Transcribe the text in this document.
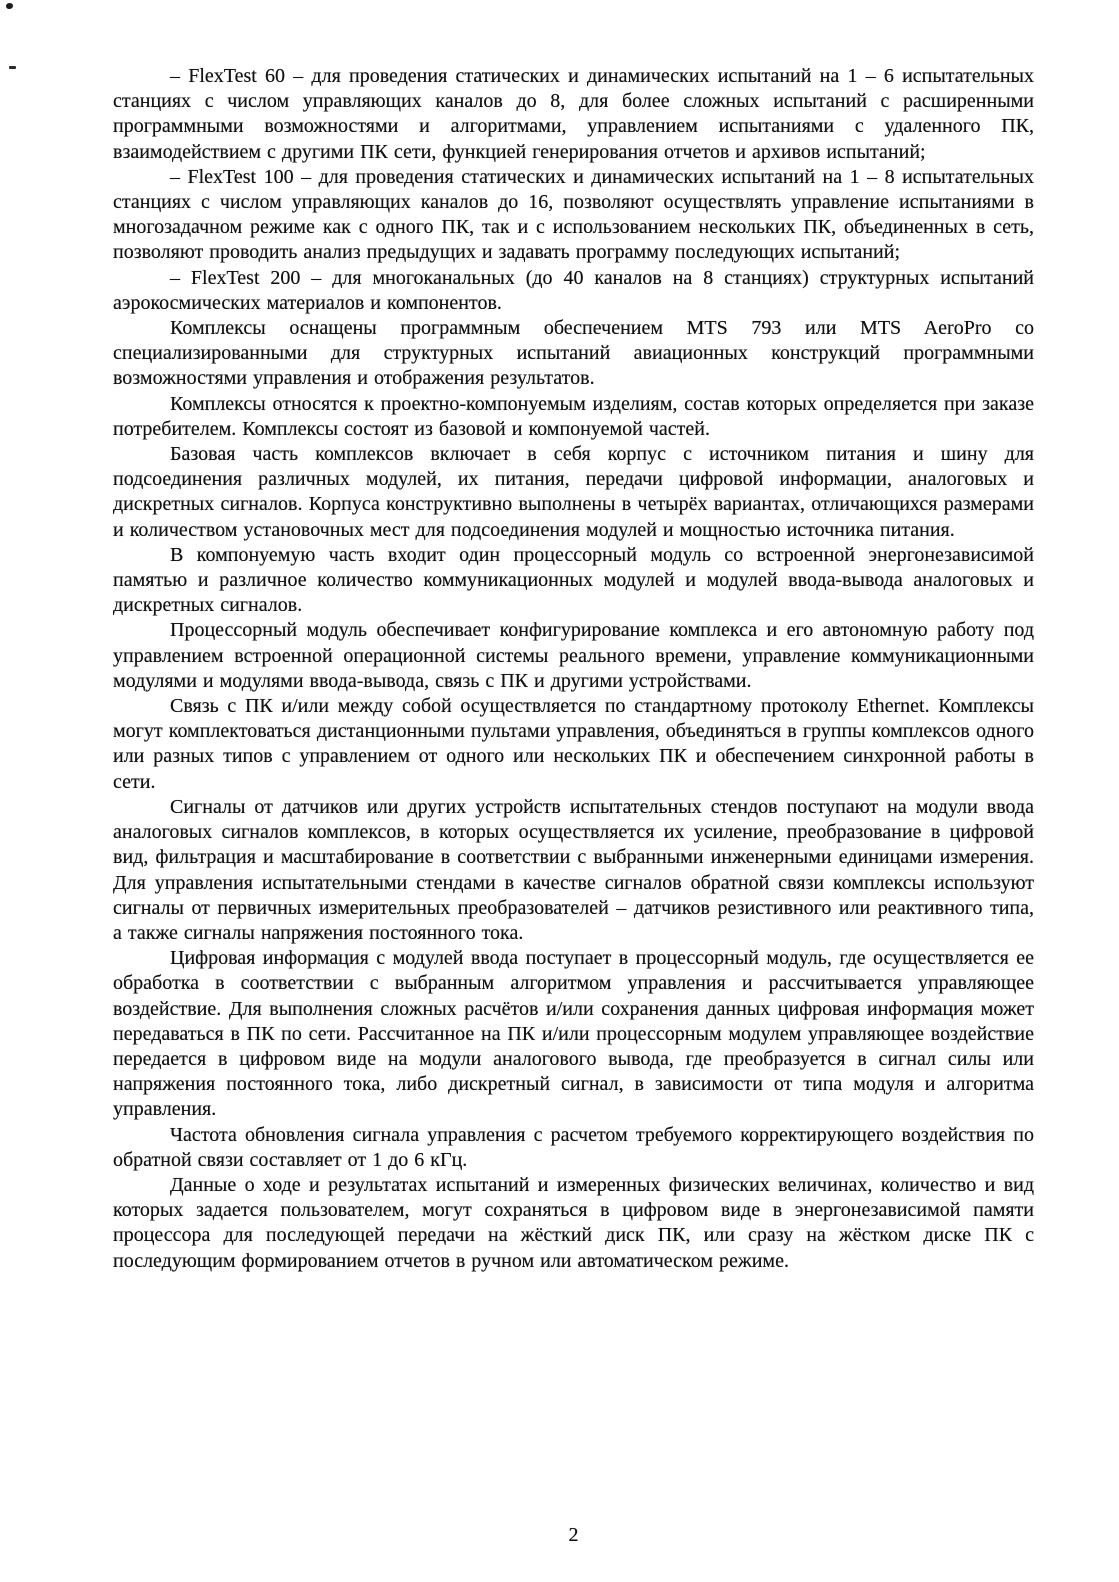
– FlexTest 60 – для проведения статических и динамических испытаний на 1 – 6 испытательных станциях с числом управляющих каналов до 8, для более сложных испытаний с расширенными программными возможностями и алгоритмами, управлением испытаниями с удаленного ПК, взаимодействием с другими ПК сети, функцией генерирования отчетов и архивов испытаний;

– FlexTest 100 – для проведения статических и динамических испытаний на 1 – 8 испытательных станциях с числом управляющих каналов до 16, позволяют осуществлять управление испытаниями в многозадачном режиме как с одного ПК, так и с использованием нескольких ПК, объединенных в сеть, позволяют проводить анализ предыдущих и задавать программу последующих испытаний;

– FlexTest 200 – для многоканальных (до 40 каналов на 8 станциях) структурных испытаний аэрокосмических материалов и компонентов.

Комплексы оснащены программным обеспечением MTS 793 или MTS AeroPro со специализированными для структурных испытаний авиационных конструкций программными возможностями управления и отображения результатов.

Комплексы относятся к проектно-компонуемым изделиям, состав которых определяется при заказе потребителем. Комплексы состоят из базовой и компонуемой частей.

Базовая часть комплексов включает в себя корпус с источником питания и шину для подсоединения различных модулей, их питания, передачи цифровой информации, аналоговых и дискретных сигналов. Корпуса конструктивно выполнены в четырёх вариантах, отличающихся размерами и количеством установочных мест для подсоединения модулей и мощностью источника питания.

В компонуемую часть входит один процессорный модуль со встроенной энергонезависимой памятью и различное количество коммуникационных модулей и модулей ввода-вывода аналоговых и дискретных сигналов.

Процессорный модуль обеспечивает конфигурирование комплекса и его автономную работу под управлением встроенной операционной системы реального времени, управление коммуникационными модулями и модулями ввода-вывода, связь с ПК и другими устройствами.

Связь с ПК и/или между собой осуществляется по стандартному протоколу Ethernet. Комплексы могут комплектоваться дистанционными пультами управления, объединяться в группы комплексов одного или разных типов с управлением от одного или нескольких ПК и обеспечением синхронной работы в сети.

Сигналы от датчиков или других устройств испытательных стендов поступают на модули ввода аналоговых сигналов комплексов, в которых осуществляется их усиление, преобразование в цифровой вид, фильтрация и масштабирование в соответствии с выбранными инженерными единицами измерения. Для управления испытательными стендами в качестве сигналов обратной связи комплексы используют сигналы от первичных измерительных преобразователей – датчиков резистивного или реактивного типа, а также сигналы напряжения постоянного тока.

Цифровая информация с модулей ввода поступает в процессорный модуль, где осуществляется ее обработка в соответствии с выбранным алгоритмом управления и рассчитывается управляющее воздействие. Для выполнения сложных расчётов и/или сохранения данных цифровая информация может передаваться в ПК по сети. Рассчитанное на ПК и/или процессорным модулем управляющее воздействие передается в цифровом виде на модули аналогового вывода, где преобразуется в сигнал силы или напряжения постоянного тока, либо дискретный сигнал, в зависимости от типа модуля и алгоритма управления.

Частота обновления сигнала управления с расчетом требуемого корректирующего воздействия по обратной связи составляет от 1 до 6 кГц.

Данные о ходе и результатах испытаний и измеренных физических величинах, количество и вид которых задается пользователем, могут сохраняться в цифровом виде в энергонезависимой памяти процессора для последующей передачи на жёсткий диск ПК, или сразу на жёстком диске ПК с последующим формированием отчетов в ручном или автоматическом режиме.

2
